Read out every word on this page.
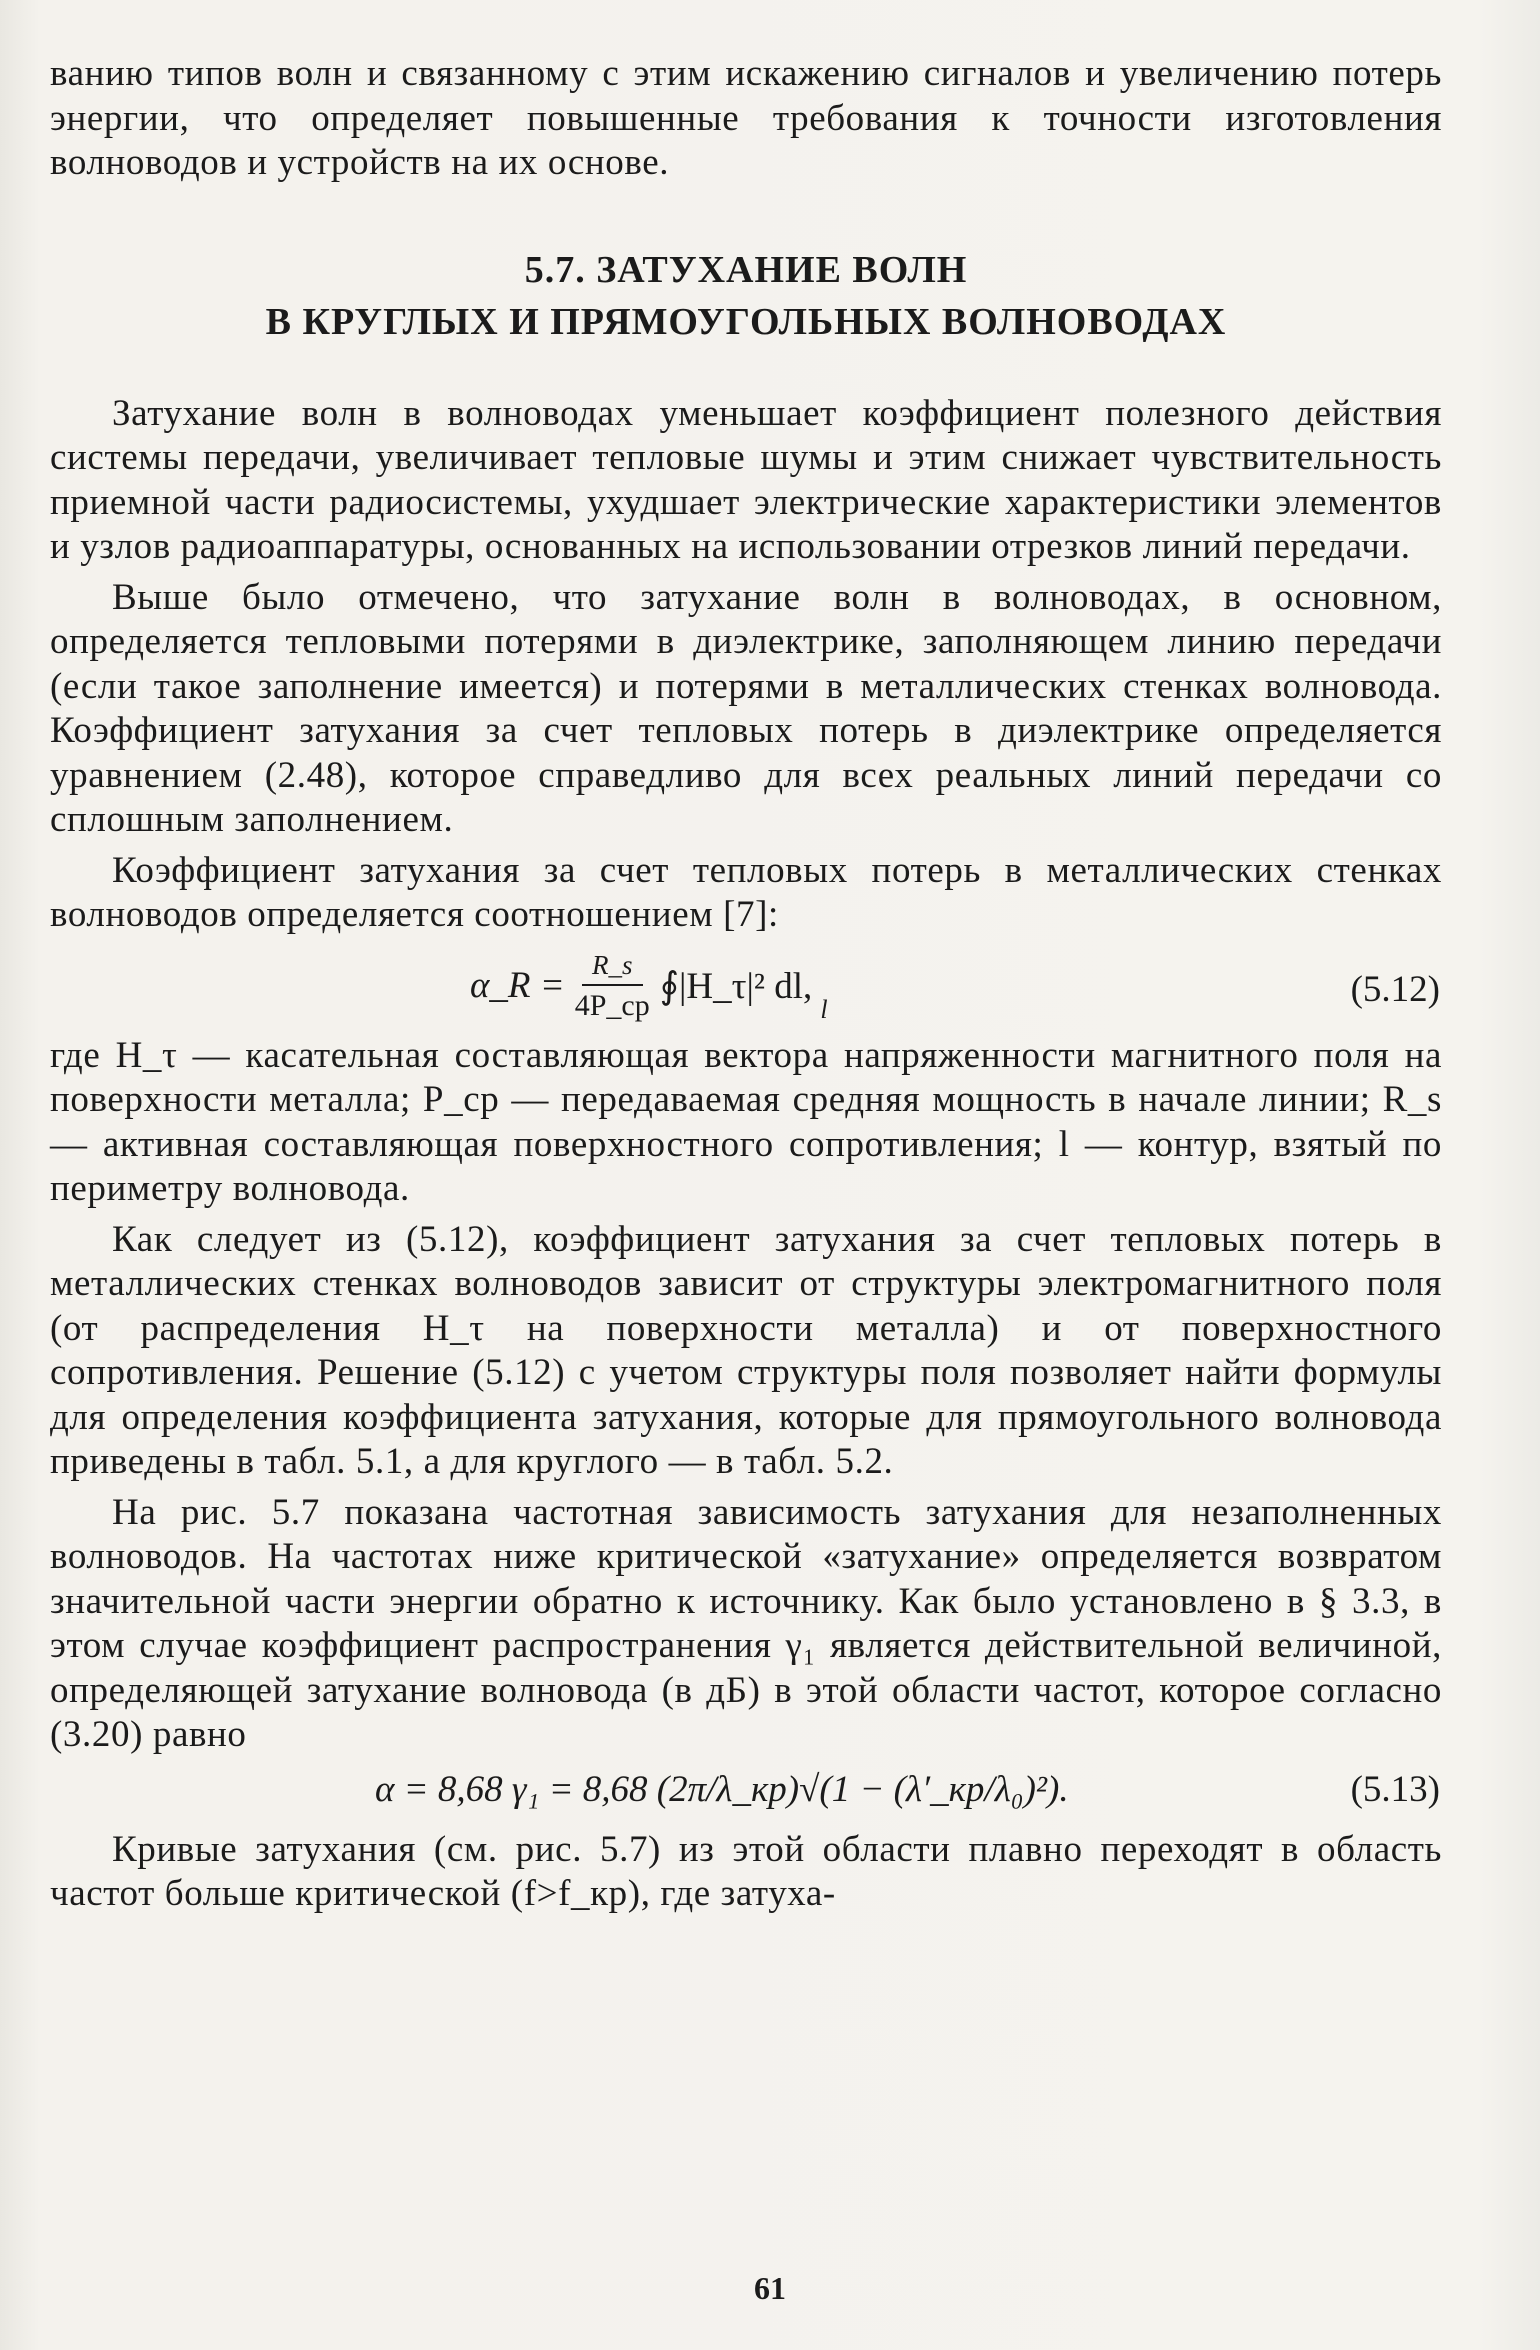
ванию типов волн и связанному с этим искажению сигналов и увеличению потерь энергии, что определяет повышенные требования к точности изготовления волноводов и устройств на их основе.

5.7. ЗАТУХАНИЕ ВОЛН
В КРУГЛЫХ И ПРЯМОУГОЛЬНЫХ ВОЛНОВОДАХ

Затухание волн в волноводах уменьшает коэффициент полезного действия системы передачи, увеличивает тепловые шумы и этим снижает чувствительность приемной части радиосистемы, ухудшает электрические характеристики элементов и узлов радиоаппаратуры, основанных на использовании отрезков линий передачи.

Выше было отмечено, что затухание волн в волноводах, в основном, определяется тепловыми потерями в диэлектрике, заполняющем линию передачи (если такое заполнение имеется) и потерями в металлических стенках волновода. Коэффициент затухания за счет тепловых потерь в диэлектрике определяется уравнением (2.48), которое справедливо для всех реальных линий передачи со сплошным заполнением.

Коэффициент затухания за счет тепловых потерь в металлических стенках волноводов определяется соотношением [7]:

α_R = $\frac{R\_s}{4P\_ср}$ ∮|H_τ|² dl,
l	(5.12)

где H_τ — касательная составляющая вектора напряженности магнитного поля на поверхности металла; P_ср — передаваемая средняя мощность в начале линии; R_s — активная составляющая поверхностного сопротивления; l — контур, взятый по периметру волновода.

Как следует из (5.12), коэффициент затухания за счет тепловых потерь в металлических стенках волноводов зависит от структуры электромагнитного поля (от распределения H_τ на поверхности металла) и от поверхностного сопротивления. Решение (5.12) с учетом структуры поля позволяет найти формулы для определения коэффициента затухания, которые для прямоугольного волновода приведены в табл. 5.1, а для круглого — в табл. 5.2.

На рис. 5.7 показана частотная зависимость затухания для незаполненных волноводов. На частотах ниже критической «затухание» определяется возвратом значительной части энергии обратно к источнику. Как было установлено в § 3.3, в этом случае коэффициент распространения γ₁ является действительной величиной, определяющей затухание волновода (в дБ) в этой области частот, которое согласно (3.20) равно

α = 8,68 γ₁ = 8,68 (2π/λ_кр)√(1 − (λ′_кр/λ₀)²).	(5.13)

Кривые затухания (см. рис. 5.7) из этой области плавно переходят в область частот больше критической (f>f_кр), где затуха-

61
